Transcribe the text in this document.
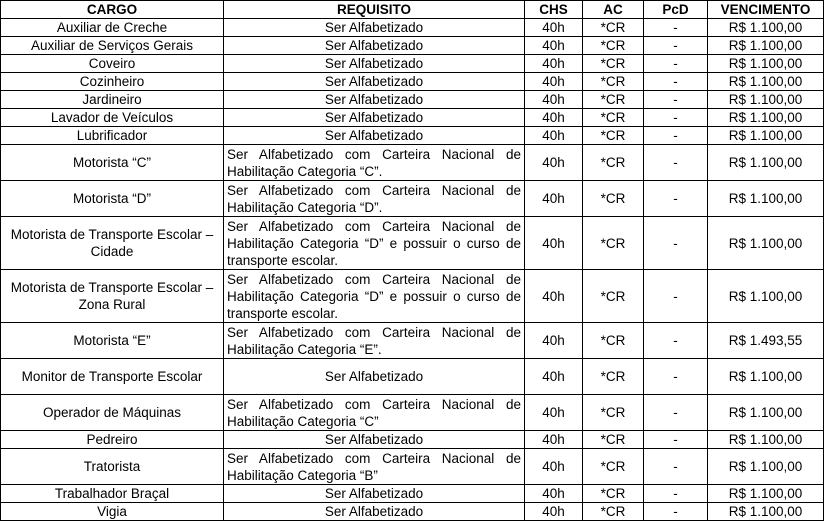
CARGO	REQUISITO	CHS	AC	PcD	VENCIMENTO
Auxiliar de Creche	Ser Alfabetizado	40h	*CR	-	R$ 1.100,00
Auxiliar de Serviços Gerais	Ser Alfabetizado	40h	*CR	-	R$ 1.100,00
Coveiro	Ser Alfabetizado	40h	*CR	-	R$ 1.100,00
Cozinheiro	Ser Alfabetizado	40h	*CR	-	R$ 1.100,00
Jardineiro	Ser Alfabetizado	40h	*CR	-	R$ 1.100,00
Lavador de Veículos	Ser Alfabetizado	40h	*CR	-	R$ 1.100,00
Lubrificador	Ser Alfabetizado	40h	*CR	-	R$ 1.100,00
Motorista “C”	Ser Alfabetizado com Carteira Nacional de Habilitação Categoria “C”.	40h	*CR	-	R$ 1.100,00
Motorista “D”	Ser Alfabetizado com Carteira Nacional de Habilitação Categoria “D”.	40h	*CR	-	R$ 1.100,00
Motorista de Transporte Escolar – Cidade	Ser Alfabetizado com Carteira Nacional de Habilitação Categoria “D” e possuir o curso de transporte escolar.	40h	*CR	-	R$ 1.100,00
Motorista de Transporte Escolar – Zona Rural	Ser Alfabetizado com Carteira Nacional de Habilitação Categoria “D” e possuir o curso de transporte escolar.	40h	*CR	-	R$ 1.100,00
Motorista “E”	Ser Alfabetizado com Carteira Nacional de Habilitação Categoria “E”.	40h	*CR	-	R$ 1.493,55
Monitor de Transporte Escolar	Ser Alfabetizado	40h	*CR	-	R$ 1.100,00
Operador de Máquinas	Ser Alfabetizado com Carteira Nacional de Habilitação Categoria “C”	40h	*CR	-	R$ 1.100,00
Pedreiro	Ser Alfabetizado	40h	*CR	-	R$ 1.100,00
Tratorista	Ser Alfabetizado com Carteira Nacional de Habilitação Categoria “B”	40h	*CR	-	R$ 1.100,00
Trabalhador Braçal	Ser Alfabetizado	40h	*CR	-	R$ 1.100,00
Vigia	Ser Alfabetizado	40h	*CR	-	R$ 1.100,00
